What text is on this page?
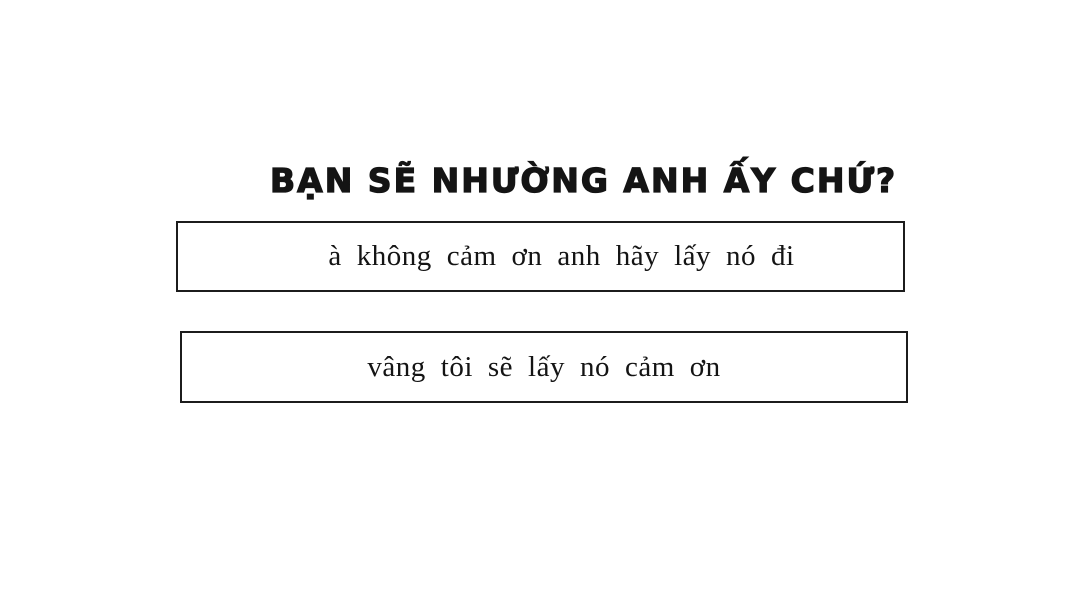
BẠN SẼ NHƯỜNG ANH ẤY CHỨ?
à không cảm ơn anh hãy lấy nó đi
vâng tôi sẽ lấy nó cảm ơn
